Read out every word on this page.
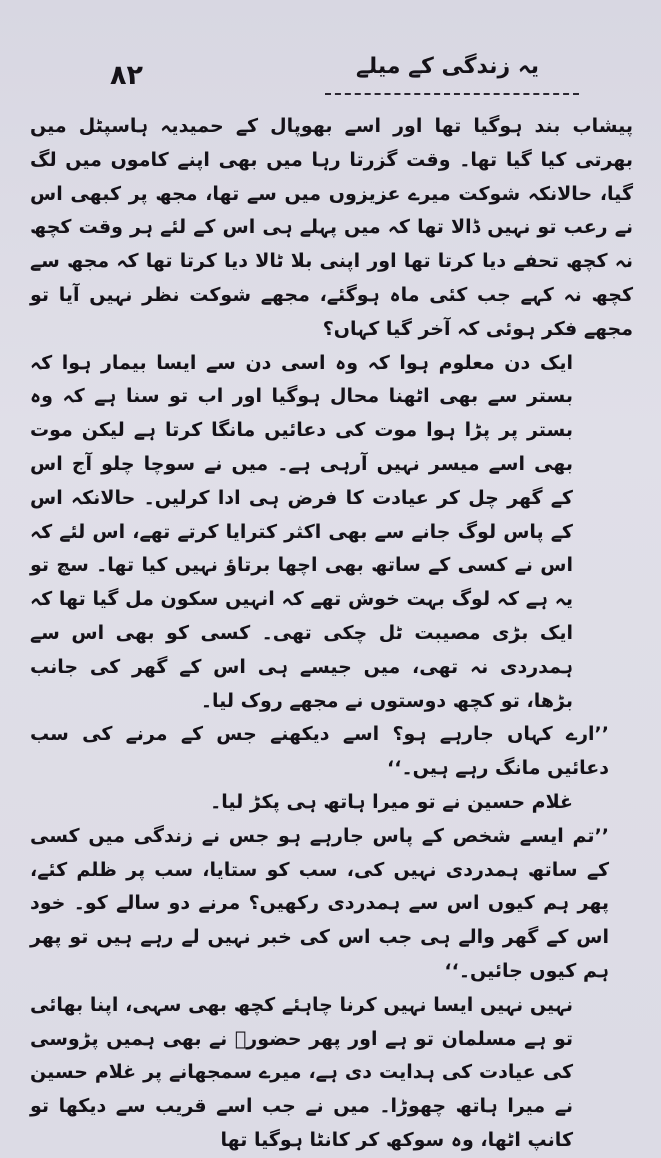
۸۲	یہ زندگی کے میلے

پیشاب بند ہوگیا تھا اور اسے بھوپال کے حمیدیہ ہاسپٹل میں بھرتی کیا گیا تھا۔ وقت گزرتا رہا میں بھی اپنے کاموں میں لگ گیا، حالانکہ شوکت میرے عزیزوں میں سے تھا، مجھ پر کبھی اس نے رعب تو نہیں ڈالا تھا کہ میں پہلے ہی اس کے لئے ہر وقت کچھ نہ کچھ تحفے دیا کرتا تھا اور اپنی بلا ٹالا دیا کرتا تھا کہ مجھ سے کچھ نہ کہے جب کئی ماہ ہوگئے، مجھے شوکت نظر نہیں آیا تو مجھے فکر ہوئی کہ آخر گیا کہاں؟

ایک دن معلوم ہوا کہ وہ اسی دن سے ایسا بیمار ہوا کہ بستر سے بھی اٹھنا محال ہوگیا اور اب تو سنا ہے کہ وہ بستر پر پڑا ہوا موت کی دعائیں مانگا کرتا ہے لیکن موت بھی اسے میسر نہیں آرہی ہے۔ میں نے سوچا چلو آج اس کے گھر چل کر عیادت کا فرض ہی ادا کرلیں۔ حالانکہ اس کے پاس لوگ جانے سے بھی اکثر کترایا کرتے تھے، اس لئے کہ اس نے کسی کے ساتھ بھی اچھا برتاؤ نہیں کیا تھا۔ سچ تو یہ ہے کہ لوگ بہت خوش تھے کہ انہیں سکون مل گیا تھا کہ ایک بڑی مصیبت ٹل چکی تھی۔ کسی کو بھی اس سے ہمدردی نہ تھی، میں جیسے ہی اس کے گھر کی جانب بڑھا، تو کچھ دوستوں نے مجھے روک لیا۔

’’ارے کہاں جارہے ہو؟ اسے دیکھنے جس کے مرنے کی سب دعائیں مانگ رہے ہیں۔‘‘

غلام حسین نے تو میرا ہاتھ ہی پکڑ لیا۔

’’تم ایسے شخص کے پاس جارہے ہو جس نے زندگی میں کسی کے ساتھ ہمدردی نہیں کی، سب کو ستایا، سب پر ظلم کئے، پھر ہم کیوں اس سے ہمدردی رکھیں؟ مرنے دو سالے کو۔ خود اس کے گھر والے ہی جب اس کی خبر نہیں لے رہے ہیں تو پھر ہم کیوں جائیں۔‘‘

نہیں نہیں ایسا نہیں کرنا چاہئے کچھ بھی سہی، اپنا بھائی تو ہے مسلمان تو ہے اور پھر حضورؐ نے بھی ہمیں پڑوسی کی عیادت کی ہدایت دی ہے، میرے سمجھانے پر غلام حسین نے میرا ہاتھ چھوڑا۔ میں نے جب اسے قریب سے دیکھا تو کانپ اٹھا، وہ سوکھ کر کانٹا ہوگیا تھا
